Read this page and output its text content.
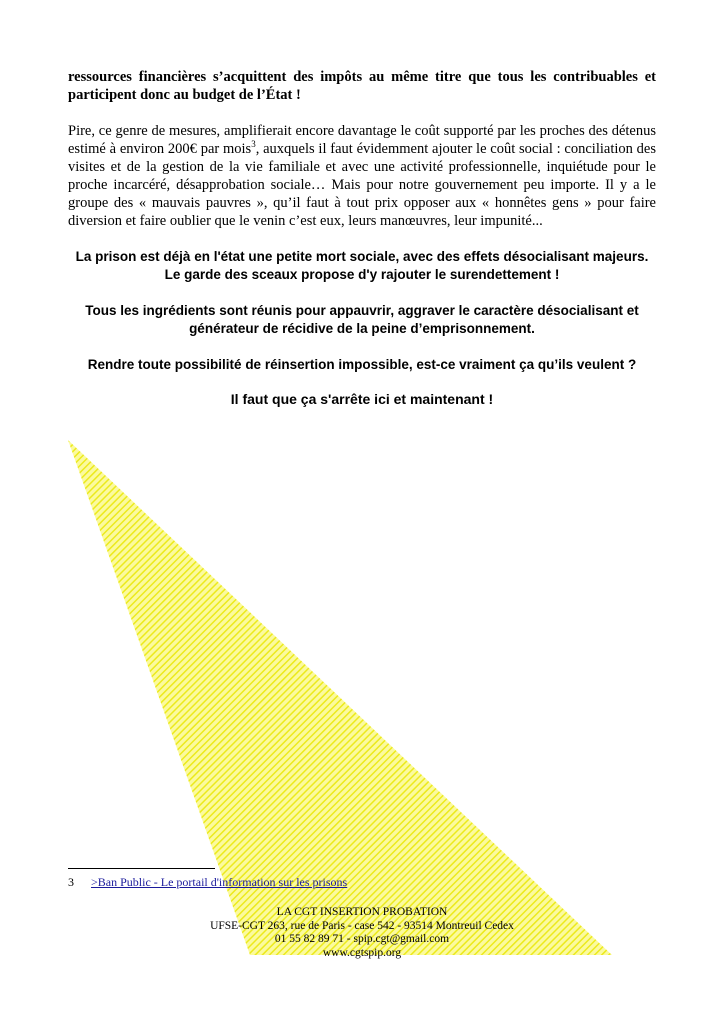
ressources financières s’acquittent des impôts au même titre que tous les contribuables et participent donc au budget de l’État !

Pire, ce genre de mesures, amplifierait encore davantage le coût supporté par les proches des détenus estimé à environ 200€ par mois$^3$, auxquels il faut évidemment ajouter le coût social : conciliation des visites et de la gestion de la vie familiale et avec une activité professionnelle, inquiétude pour le proche incarcéré, désapprobation sociale… Mais pour notre gouvernement peu importe. Il y a le groupe des « mauvais pauvres », qu’il faut à tout prix opposer aux « honnêtes gens » pour faire diversion et faire oublier que le venin c’est eux, leurs manœuvres, leur impunité...

La prison est déjà en l'état une petite mort sociale, avec des effets désocialisant majeurs. Le garde des sceaux propose d'y rajouter le surendettement !

Tous les ingrédients sont réunis pour appauvrir, aggraver le caractère désocialisant et générateur de récidive de la peine d’emprisonnement.

Rendre toute possibilité de réinsertion impossible, est-ce vraiment ça qu’ils veulent ?

Il faut que ça s'arrête ici et maintenant !

3 >Ban Public - Le portail d'information sur les prisons
LA CGT INSERTION PROBATION
UFSE-CGT 263, rue de Paris - case 542 - 93514 Montreuil Cedex
01 55 82 89 71 - spip.cgt@gmail.com
www.cgtspip.org
